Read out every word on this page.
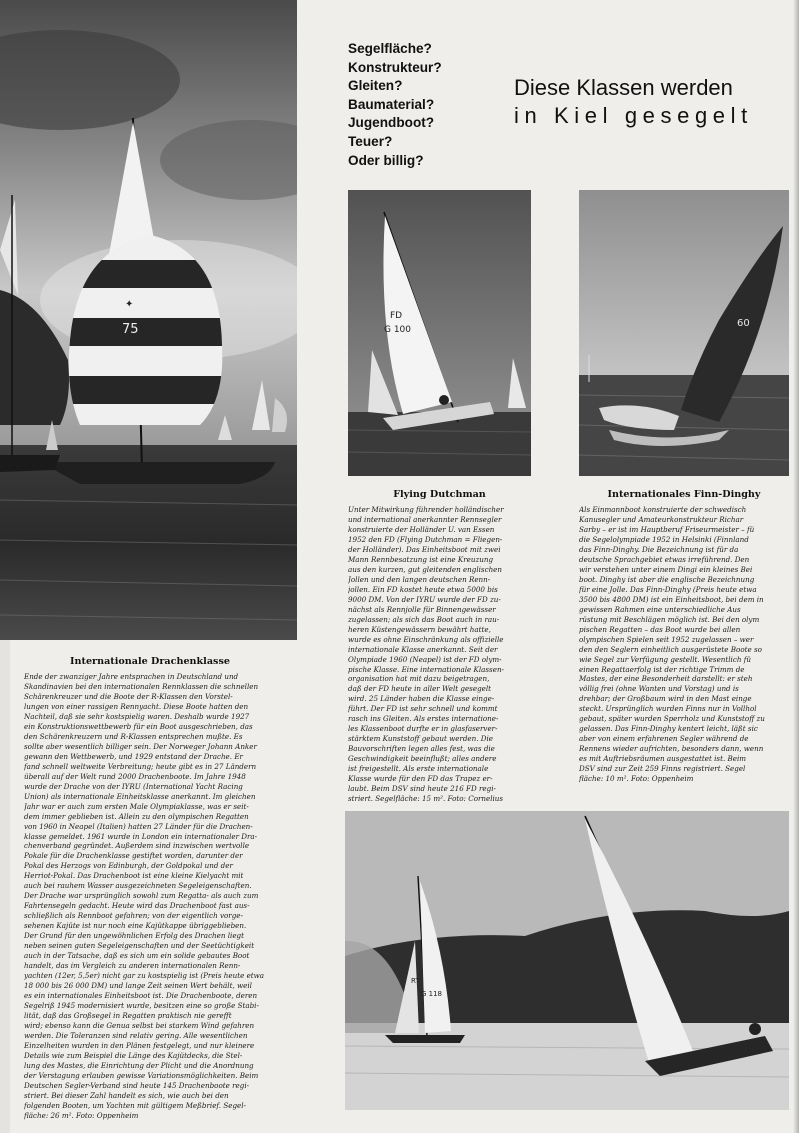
✦
75
Segelfläche?
Konstrukteur?
Gleiten?
Baumaterial?
Jugendboot?
Teuer?
Oder billig?
Diese Klassen werden
in Kiel gesegelt
FD
G 100
60
RT
G 118
Flying Dutchman	Internationales Finn-Dinghy
Internationale Drachenklasse
Unter Mitwirkung führender holländischer
und international anerkannter Rennsegler
konstruierte der Holländer U. van Essen
1952 den FD (Flying Dutchman = Fliegen-
der Holländer). Das Einheitsboot mit zwei
Mann Rennbesatzung ist eine Kreuzung
aus den kurzen, gut gleitenden englischen
Jollen und den langen deutschen Renn-
jollen. Ein FD kostet heute etwa 5000 bis
9000 DM. Von der IYRU wurde der FD zu-
nächst als Rennjolle für Binnengewässer
zugelassen; als sich das Boot auch in rau-
heren Küstengewässern bewährt hatte,
wurde es ohne Einschränkung als offizielle
internationale Klasse anerkannt. Seit der
Olympiade 1960 (Neapel) ist der FD olym-
pische Klasse. Eine internationale Klassen-
organisation hat mit dazu beigetragen,
daß der FD heute in aller Welt gesegelt
wird. 25 Länder haben die Klasse einge-
führt. Der FD ist sehr schnell und kommt
rasch ins Gleiten. Als erstes internatione-
les Klassenboot durfte er in glasfaserver-
stärktem Kunststoff gebaut werden. Die
Bauvorschriften legen alles fest, was die
Geschwindigkeit beeinflußt; alles andere
ist freigestellt. Als erste internationale
Klasse wurde für den FD das Trapez er-
laubt. Beim DSV sind heute 216 FD regi-
striert. Segelfläche: 15 m². Foto: Cornelius
Als Einmannboot konstruierte der schwedisch
Kanusegler und Amateurkonstrukteur Richar
Sarby – er ist im Hauptberuf Friseurmeister – fü
die Segelolympiade 1952 in Helsinki (Finnland
das Finn-Dinghy. Die Bezeichnung ist für da
deutsche Sprachgebiet etwas irreführend. Den
wir verstehen unter einem Dingi ein kleines Bei
boot. Dinghy ist aber die englische Bezeichnung
für eine Jolle. Das Finn-Dinghy (Preis heute etwa
3500 bis 4800 DM) ist ein Einheitsboot, bei dem in
gewissen Rahmen eine unterschiedliche Aus
rüstung mit Beschlägen möglich ist. Bei den olym
pischen Regatten – das Boot wurde bei allen
olympischen Spielen seit 1952 zugelassen – wer
den den Seglern einheitlich ausgerüstete Boote so
wie Segel zur Verfügung gestellt. Wesentlich fü
einen Regattaerfolg ist der richtige Trimm de
Mastes, der eine Besonderheit darstellt: er steh
völlig frei (ohne Wanten und Vorstag) und is
drehbar; der Großbaum wird in den Mast einge
steckt. Ursprünglich wurden Finns nur in Vollhol
gebaut, später wurden Sperrholz und Kunststoff zu
gelassen. Das Finn-Dinghy kentert leicht, läßt sic
aber von einem erfahrenen Segler während de
Rennens wieder aufrichten, besonders dann, wenn
es mit Auftriebsräumen ausgestattet ist. Beim
DSV sind zur Zeit 259 Finns registriert. Segel
fläche: 10 m². Foto: Oppenheim
Ende der zwanziger Jahre entsprachen in Deutschland und
Skandinavien bei den internationalen Rennklassen die schnellen
Schärenkreuzer und die Boote der R-Klassen den Vorstel-
lungen von einer rassigen Rennyacht. Diese Boote hatten den
Nachteil, daß sie sehr kostspielig waren. Deshalb wurde 1927
ein Konstruktionswettbewerb für ein Boot ausgeschrieben, das
den Schärenkreuzern und R-Klassen entsprechen mußte. Es
sollte aber wesentlich billiger sein. Der Norweger Johann Anker
gewann den Wettbewerb, und 1929 entstand der Drache. Er
fand schnell weltweite Verbreitung; heute gibt es in 27 Ländern
überall auf der Welt rund 2000 Drachenboote. Im Jahre 1948
wurde der Drache von der IYRU (International Yacht Racing
Union) als internationale Einheitsklasse anerkannt. Im gleichen
Jahr war er auch zum ersten Male Olympiaklasse, was er seit-
dem immer geblieben ist. Allein zu den olympischen Regatten
von 1960 in Neapel (Italien) hatten 27 Länder für die Drachen-
klasse gemeldet. 1961 wurde in London ein internationaler Dra-
chenverband gegründet. Außerdem sind inzwischen wertvolle
Pokale für die Drachenklasse gestiftet worden, darunter der
Pokal des Herzogs von Edinburgh, der Goldpokal und der
Herriot-Pokal. Das Drachenboot ist eine kleine Kielyacht mit
auch bei rauhem Wasser ausgezeichneten Segeleigenschaften.
Der Drache war ursprünglich sowohl zum Regatta- als auch zum
Fahrtensegeln gedacht. Heute wird das Drachenboot fast aus-
schließlich als Rennboot gefahren; von der eigentlich vorge-
sehenen Kajüte ist nur noch eine Kajütkappe übriggeblieben.
Der Grund für den ungewöhnlichen Erfolg des Drachen liegt
neben seinen guten Segeleigenschaften und der Seetüchtigkeit
auch in der Tatsache, daß es sich um ein solide gebautes Boot
handelt, das im Vergleich zu anderen internationalen Renn-
yachten (12er, 5,5er) nicht gar zu kostspielig ist (Preis heute etwa
18 000 bis 26 000 DM) und lange Zeit seinen Wert behält, weil
es ein internationales Einheitsboot ist. Die Drachenboote, deren
Segelriß 1945 modernisiert wurde, besitzen eine so große Stabi-
lität, daß das Großsegel in Regatten praktisch nie gerefft
wird; ebenso kann die Genua selbst bei starkem Wind gefahren
werden. Die Toleranzen sind relativ gering. Alle wesentlichen
Einzelheiten wurden in den Plänen festgelegt, und nur kleinere
Details wie zum Beispiel die Länge des Kajütdecks, die Stel-
lung des Mastes, die Einrichtung der Plicht und die Anordnung
der Verstagung erlauben gewisse Variationsmöglichkeiten. Beim
Deutschen Segler-Verband sind heute 145 Drachenboote regi-
striert. Bei dieser Zahl handelt es sich, wie auch bei den
folgenden Booten, um Yachten mit gültigem Meßbrief. Segel-
fläche: 26 m². Foto: Oppenheim
